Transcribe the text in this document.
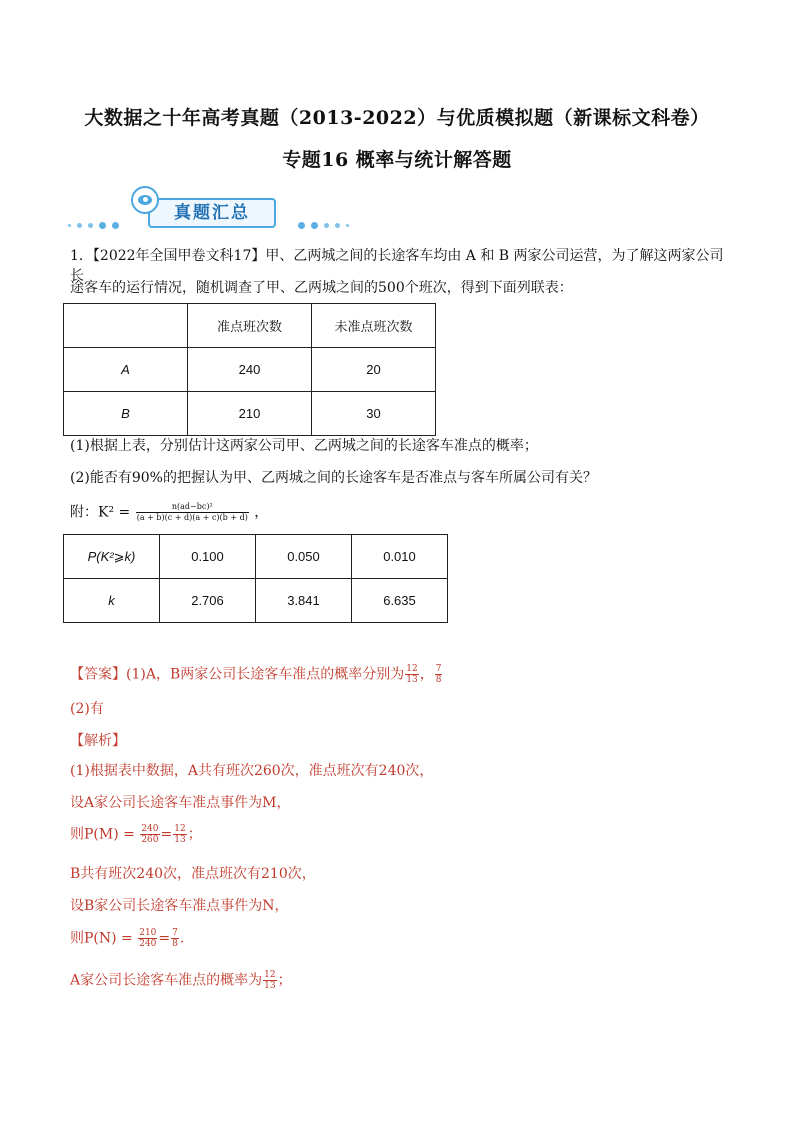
大数据之十年高考真题（2013-2022）与优质模拟题（新课标文科卷）
专题16 概率与统计解答题
真题汇总
1．【2022年全国甲卷文科17】甲、乙两城之间的长途客车均由 A 和 B 两家公司运营，为了解这两家公司长
途客车的运行情况，随机调查了甲、乙两城之间的500个班次，得到下面列联表：
	准点班次数	未准点班次数
A	240	20
B	210	30
(1)根据上表，分别估计这两家公司甲、乙两城之间的长途客车准点的概率；
(2)能否有90%的把握认为甲、乙两城之间的长途客车是否准点与客车所属公司有关？
附：$K^2 = \frac{\text{n(ad−bc)²}}{(a + b)(c + d)(a + c)(b + d)}$ ，
P(K²⩾k)	0.100	0.050	0.010
k	2.706	3.841	6.635
【答案】(1)A，B两家公司长途客车准点的概率分别为 $\frac{12}{13}$ ， $\frac{7}{8}$
(2)有
【解析】
(1)根据表中数据，A共有班次260次，准点班次有240次，
设A家公司长途客车准点事件为M，
则$P(M) = \frac{240}{260} = \frac{12}{13}$ ；
B共有班次240次，准点班次有210次，
设B家公司长途客车准点事件为N，
则$P(N) = \frac{210}{240} = \frac{7}{8}$ .
A家公司长途客车准点的概率为 $\frac{12}{13}$ ；
